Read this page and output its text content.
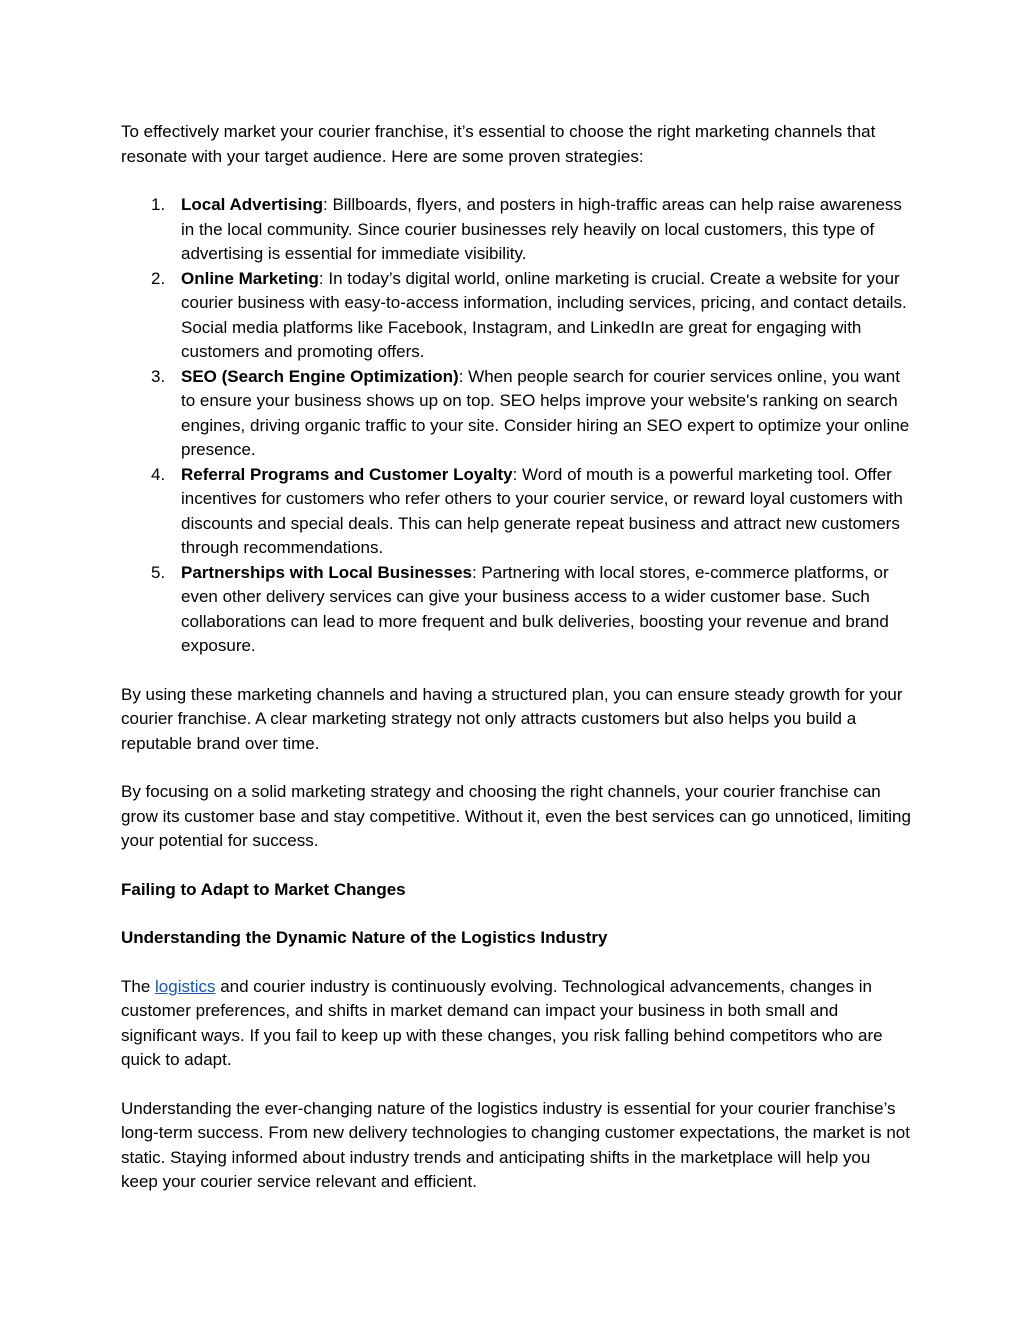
To effectively market your courier franchise, it’s essential to choose the right marketing channels that resonate with your target audience. Here are some proven strategies:

1. Local Advertising: Billboards, flyers, and posters in high-traffic areas can help raise awareness in the local community. Since courier businesses rely heavily on local customers, this type of advertising is essential for immediate visibility.
2. Online Marketing: In today’s digital world, online marketing is crucial. Create a website for your courier business with easy-to-access information, including services, pricing, and contact details. Social media platforms like Facebook, Instagram, and LinkedIn are great for engaging with customers and promoting offers.
3. SEO (Search Engine Optimization): When people search for courier services online, you want to ensure your business shows up on top. SEO helps improve your website's ranking on search engines, driving organic traffic to your site. Consider hiring an SEO expert to optimize your online presence.
4. Referral Programs and Customer Loyalty: Word of mouth is a powerful marketing tool. Offer incentives for customers who refer others to your courier service, or reward loyal customers with discounts and special deals. This can help generate repeat business and attract new customers through recommendations.
5. Partnerships with Local Businesses: Partnering with local stores, e-commerce platforms, or even other delivery services can give your business access to a wider customer base. Such collaborations can lead to more frequent and bulk deliveries, boosting your revenue and brand exposure.

By using these marketing channels and having a structured plan, you can ensure steady growth for your courier franchise. A clear marketing strategy not only attracts customers but also helps you build a reputable brand over time.

By focusing on a solid marketing strategy and choosing the right channels, your courier franchise can grow its customer base and stay competitive. Without it, even the best services can go unnoticed, limiting your potential for success.

Failing to Adapt to Market Changes

Understanding the Dynamic Nature of the Logistics Industry

The logistics and courier industry is continuously evolving. Technological advancements, changes in customer preferences, and shifts in market demand can impact your business in both small and significant ways. If you fail to keep up with these changes, you risk falling behind competitors who are quick to adapt.

Understanding the ever-changing nature of the logistics industry is essential for your courier franchise’s long-term success. From new delivery technologies to changing customer expectations, the market is not static. Staying informed about industry trends and anticipating shifts in the marketplace will help you keep your courier service relevant and efficient.
